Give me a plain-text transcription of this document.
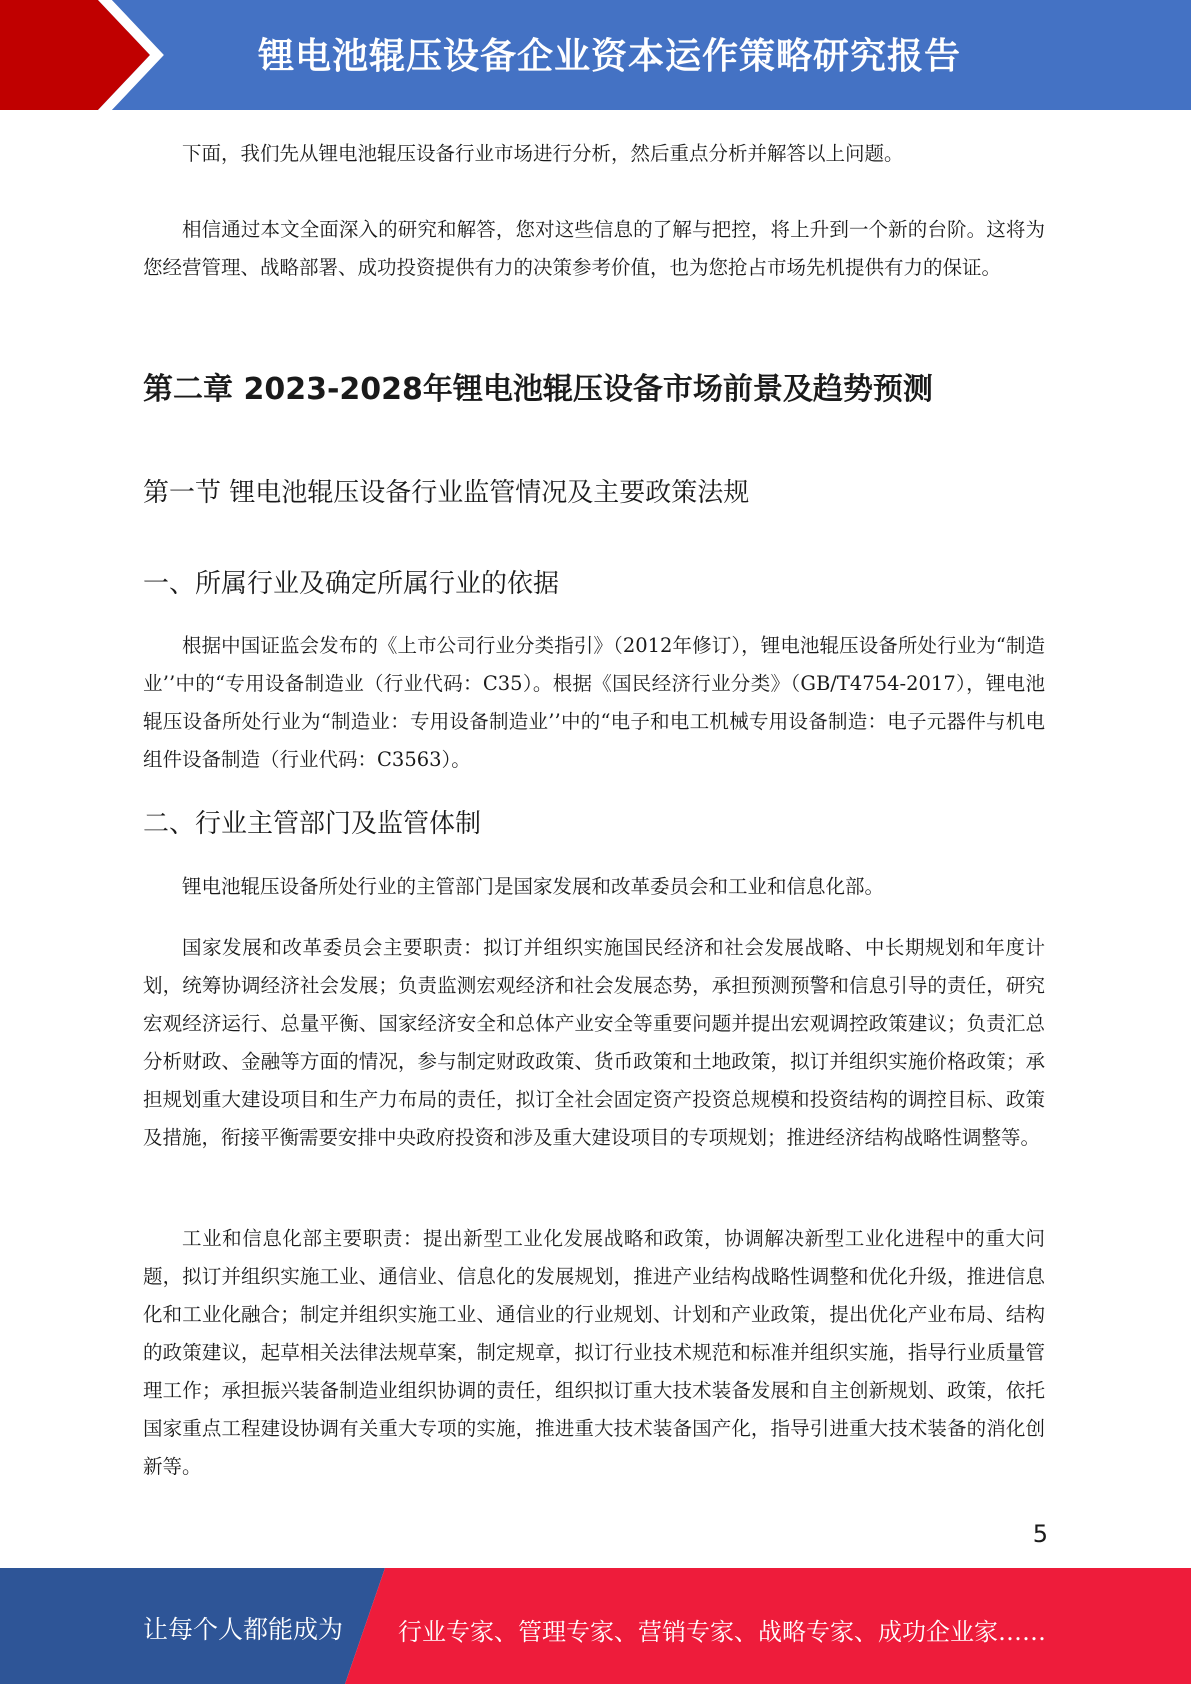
锂电池辊压设备企业资本运作策略研究报告

下面，我们先从锂电池辊压设备行业市场进行分析，然后重点分析并解答以上问题。

相信通过本文全面深入的研究和解答，您对这些信息的了解与把控，将上升到一个新的台阶。这将为您经营管理、战略部署、成功投资提供有力的决策参考价值，也为您抢占市场先机提供有力的保证。

第二章 2023-2028年锂电池辊压设备市场前景及趋势预测
第一节 锂电池辊压设备行业监管情况及主要政策法规
一、所属行业及确定所属行业的依据

根据中国证监会发布的《上市公司行业分类指引》（2012年修订），锂电池辊压设备所处行业为“制造业’’中的“专用设备制造业（行业代码：C35）。根据《国民经济行业分类》（GB/T4754-2017），锂电池辊压设备所处行业为“制造业：专用设备制造业’’中的“电子和电工机械专用设备制造：电子元器件与机电组件设备制造（行业代码：C3563）。

二、行业主管部门及监管体制

锂电池辊压设备所处行业的主管部门是国家发展和改革委员会和工业和信息化部。

国家发展和改革委员会主要职责：拟订并组织实施国民经济和社会发展战略、中长期规划和年度计划，统筹协调经济社会发展；负责监测宏观经济和社会发展态势，承担预测预警和信息引导的责任，研究宏观经济运行、总量平衡、国家经济安全和总体产业安全等重要问题并提出宏观调控政策建议；负责汇总分析财政、金融等方面的情况，参与制定财政政策、货币政策和土地政策，拟订并组织实施价格政策；承担规划重大建设项目和生产力布局的责任，拟订全社会固定资产投资总规模和投资结构的调控目标、政策及措施，衔接平衡需要安排中央政府投资和涉及重大建设项目的专项规划；推进经济结构战略性调整等。

工业和信息化部主要职责：提出新型工业化发展战略和政策，协调解决新型工业化进程中的重大问题，拟订并组织实施工业、通信业、信息化的发展规划，推进产业结构战略性调整和优化升级，推进信息化和工业化融合；制定并组织实施工业、通信业的行业规划、计划和产业政策，提出优化产业布局、结构的政策建议，起草相关法律法规草案，制定规章，拟订行业技术规范和标准并组织实施，指导行业质量管理工作；承担振兴装备制造业组织协调的责任，组织拟订重大技术装备发展和自主创新规划、政策，依托国家重点工程建设协调有关重大专项的实施，推进重大技术装备国产化，指导引进重大技术装备的消化创新等。

5
让每个人都能成为 行业专家、管理专家、营销专家、战略专家、成功企业家……
